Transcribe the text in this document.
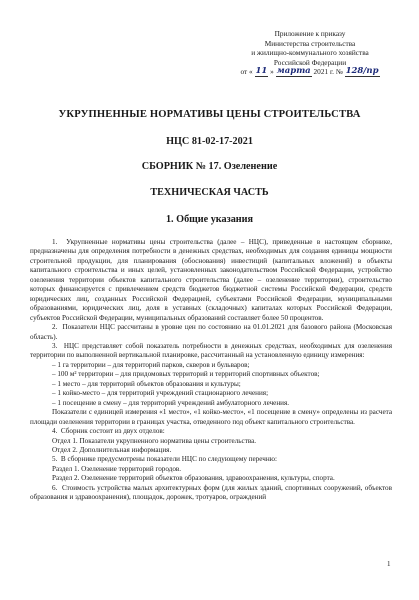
Приложение к приказу
Министерства строительства
и жилищно-коммунального хозяйства
Российской Федерации
от « 11 » марта 2021 г. № 128/пр
УКРУПНЕННЫЕ НОРМАТИВЫ ЦЕНЫ СТРОИТЕЛЬСТВА
НЦС 81-02-17-2021
СБОРНИК № 17. Озеленение
ТЕХНИЧЕСКАЯ ЧАСТЬ
1. Общие указания

1.  Укрупненные нормативы цены строительства (далее – НЦС), приведенные в настоящем сборнике, предназначены для определения потребности в денежных средствах, необходимых для создания единицы мощности строительной продукции, для планирования (обоснования) инвестиций (капитальных вложений) в объекты капитального строительства и иных целей, установленных законодательством Российской Федерации, устройство озеленения территории объектов капитального строительства (далее – озеленение территории), строительство которых финансируется с привлечением средств бюджетов бюджетной системы Российской Федерации, средств юридических лиц, созданных Российской Федерацией, субъектами Российской Федерации, муниципальными образованиями, юридических лиц, доля в уставных (складочных) капиталах которых Российской Федерации, субъектов Российской Федерации, муниципальных образований составляет более 50 процентов.

2.  Показатели НЦС рассчитаны в уровне цен по состоянию на 01.01.2021 для базового района (Московская область).

3.  НЦС представляет собой показатель потребности в денежных средствах, необходимых для озеленения территории по выполненной вертикальной планировке, рассчитанный на установленную единицу измерения:

– 1 га территории – для территорий парков, скверов и бульваров;

– 100 м² территории – для придомовых территорий и территорий спортивных объектов;

– 1 место – для территорий объектов образования и культуры;

– 1 койко-место – для территорий учреждений стационарного лечения;

– 1 посещение в смену – для территорий учреждений амбулаторного лечения.

Показатели с единицей измерения «1 место», «1 койко-место», «1 посещение в смену» определены из расчета площади озеленения территории в границах участка, отведенного под объект капитального строительства.

4.  Сборник состоит из двух отделов:

Отдел 1. Показатели укрупненного норматива цены строительства.

Отдел 2. Дополнительная информация.

5.  В сборнике предусмотрены показатели НЦС по следующему перечню:

Раздел 1. Озеленение территорий городов.

Раздел 2. Озеленение территорий объектов образования, здравоохранения, культуры, спорта.

6.  Стоимость устройства малых архитектурных форм (для жилых зданий, спортивных сооружений, объектов образования и здравоохранения), площадок, дорожек, тротуаров, ограждений

1
